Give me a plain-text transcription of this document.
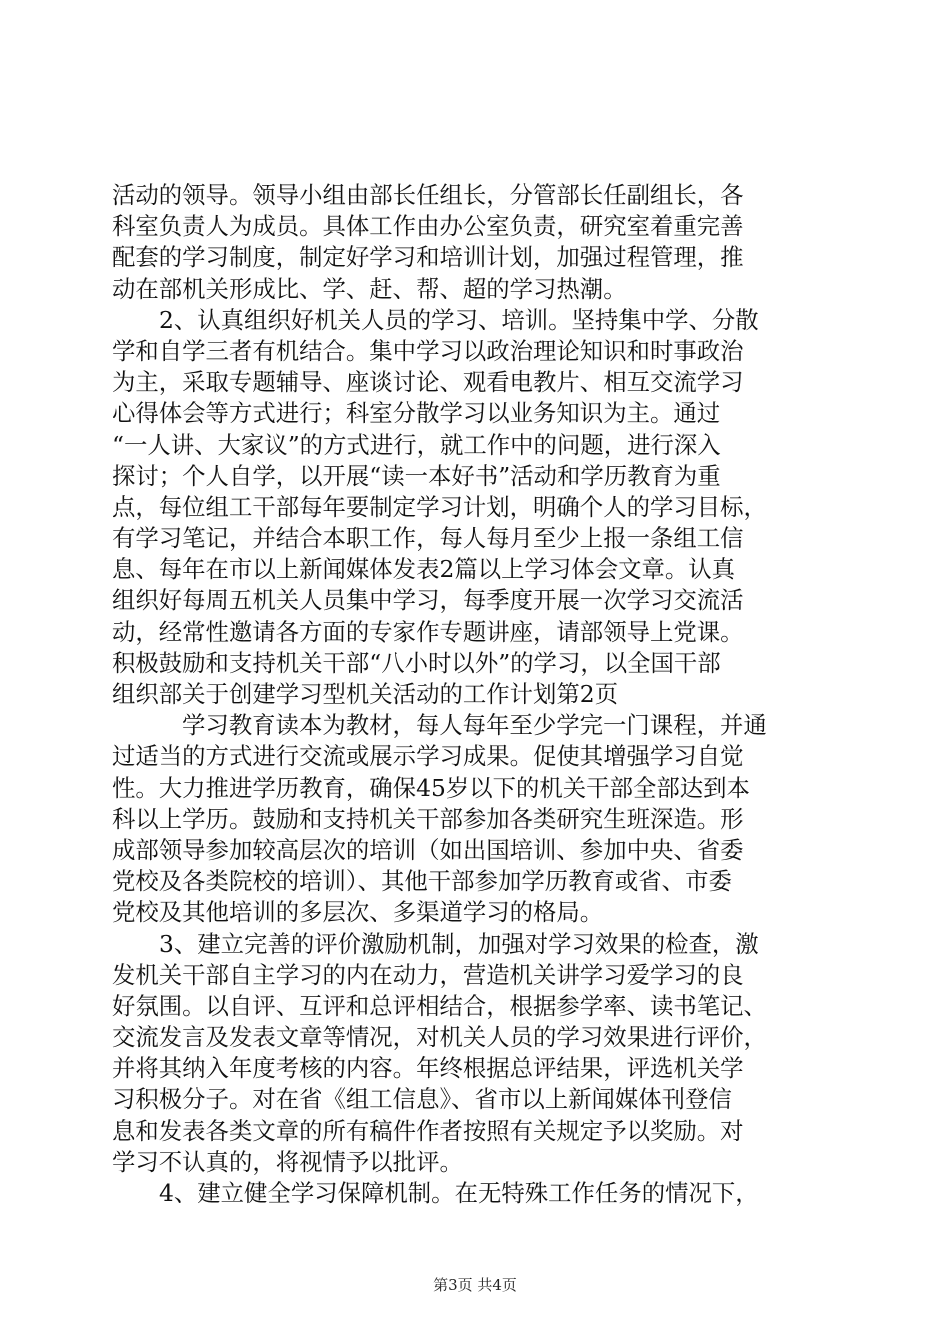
活动的领导。领导小组由部长任组长，分管部长任副组长，各
科室负责人为成员。具体工作由办公室负责，研究室着重完善
配套的学习制度，制定好学习和培训计划，加强过程管理，推
动在部机关形成比、学、赶、帮、超的学习热潮。
2、认真组织好机关人员的学习、培训。坚持集中学、分散
学和自学三者有机结合。集中学习以政治理论知识和时事政治
为主，采取专题辅导、座谈讨论、观看电教片、相互交流学习
心得体会等方式进行；科室分散学习以业务知识为主。通过
“一人讲、大家议”的方式进行，就工作中的问题，进行深入
探讨；个人自学，以开展“读一本好书”活动和学历教育为重
点，每位组工干部每年要制定学习计划，明确个人的学习目标，
有学习笔记，并结合本职工作，每人每月至少上报一条组工信
息、每年在市以上新闻媒体发表2篇以上学习体会文章。认真
组织好每周五机关人员集中学习，每季度开展一次学习交流活
动，经常性邀请各方面的专家作专题讲座，请部领导上党课。
积极鼓励和支持机关干部“八小时以外”的学习，以全国干部
组织部关于创建学习型机关活动的工作计划第2页
学习教育读本为教材，每人每年至少学完一门课程，并通
过适当的方式进行交流或展示学习成果。促使其增强学习自觉
性。大力推进学历教育，确保45岁以下的机关干部全部达到本
科以上学历。鼓励和支持机关干部参加各类研究生班深造。形
成部领导参加较高层次的培训（如出国培训、参加中央、省委
党校及各类院校的培训）、其他干部参加学历教育或省、市委
党校及其他培训的多层次、多渠道学习的格局。
3、建立完善的评价激励机制，加强对学习效果的检查，激
发机关干部自主学习的内在动力，营造机关讲学习爱学习的良
好氛围。以自评、互评和总评相结合，根据参学率、读书笔记、
交流发言及发表文章等情况，对机关人员的学习效果进行评价，
并将其纳入年度考核的内容。年终根据总评结果，评选机关学
习积极分子。对在省《组工信息》、省市以上新闻媒体刊登信
息和发表各类文章的所有稿件作者按照有关规定予以奖励。对
学习不认真的，将视情予以批评。
4、建立健全学习保障机制。在无特殊工作任务的情况下，
第3页 共4页
